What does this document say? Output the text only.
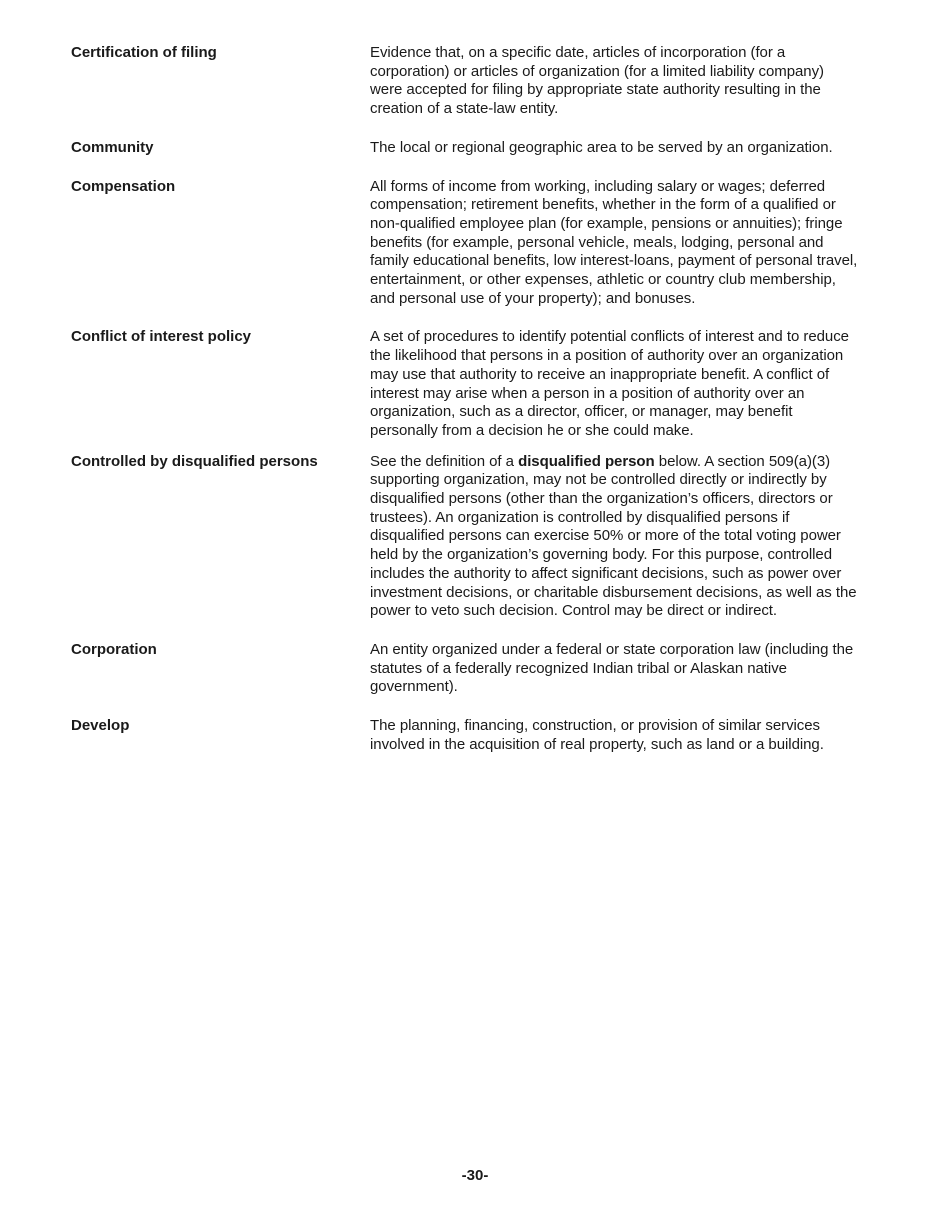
Certification of filing	Evidence that, on a specific date, articles of incorporation (for a
corporation) or articles of organization (for a limited liability company)
were accepted for filing by appropriate state authority resulting in the
creation of a state-law entity.
Community	The local or regional geographic area to be served by an organization.
Compensation	All forms of income from working, including salary or wages; deferred
compensation; retirement benefits, whether in the form of a qualified or
non-qualified employee plan (for example, pensions or annuities); fringe
benefits (for example, personal vehicle, meals, lodging, personal and
family educational benefits, low interest-loans, payment of personal travel,
entertainment, or other expenses, athletic or country club membership,
and personal use of your property); and bonuses.
Conflict of interest policy	A set of procedures to identify potential conflicts of interest and to reduce
the likelihood that persons in a position of authority over an organization
may use that authority to receive an inappropriate benefit. A conflict of
interest may arise when a person in a position of authority over an
organization, such as a director, officer, or manager, may benefit
personally from a decision he or she could make.
Controlled by disqualified persons	See the definition of a disqualified person below. A section 509(a)(3)
supporting organization, may not be controlled directly or indirectly by
disqualified persons (other than the organization’s officers, directors or
trustees). An organization is controlled by disqualified persons if
disqualified persons can exercise 50% or more of the total voting power
held by the organization’s governing body. For this purpose, controlled
includes the authority to affect significant decisions, such as power over
investment decisions, or charitable disbursement decisions, as well as the
power to veto such decision. Control may be direct or indirect.
Corporation	An entity organized under a federal or state corporation law (including the
statutes of a federally recognized Indian tribal or Alaskan native
government).
Develop	The planning, financing, construction, or provision of similar services
involved in the acquisition of real property, such as land or a building.
-30-
